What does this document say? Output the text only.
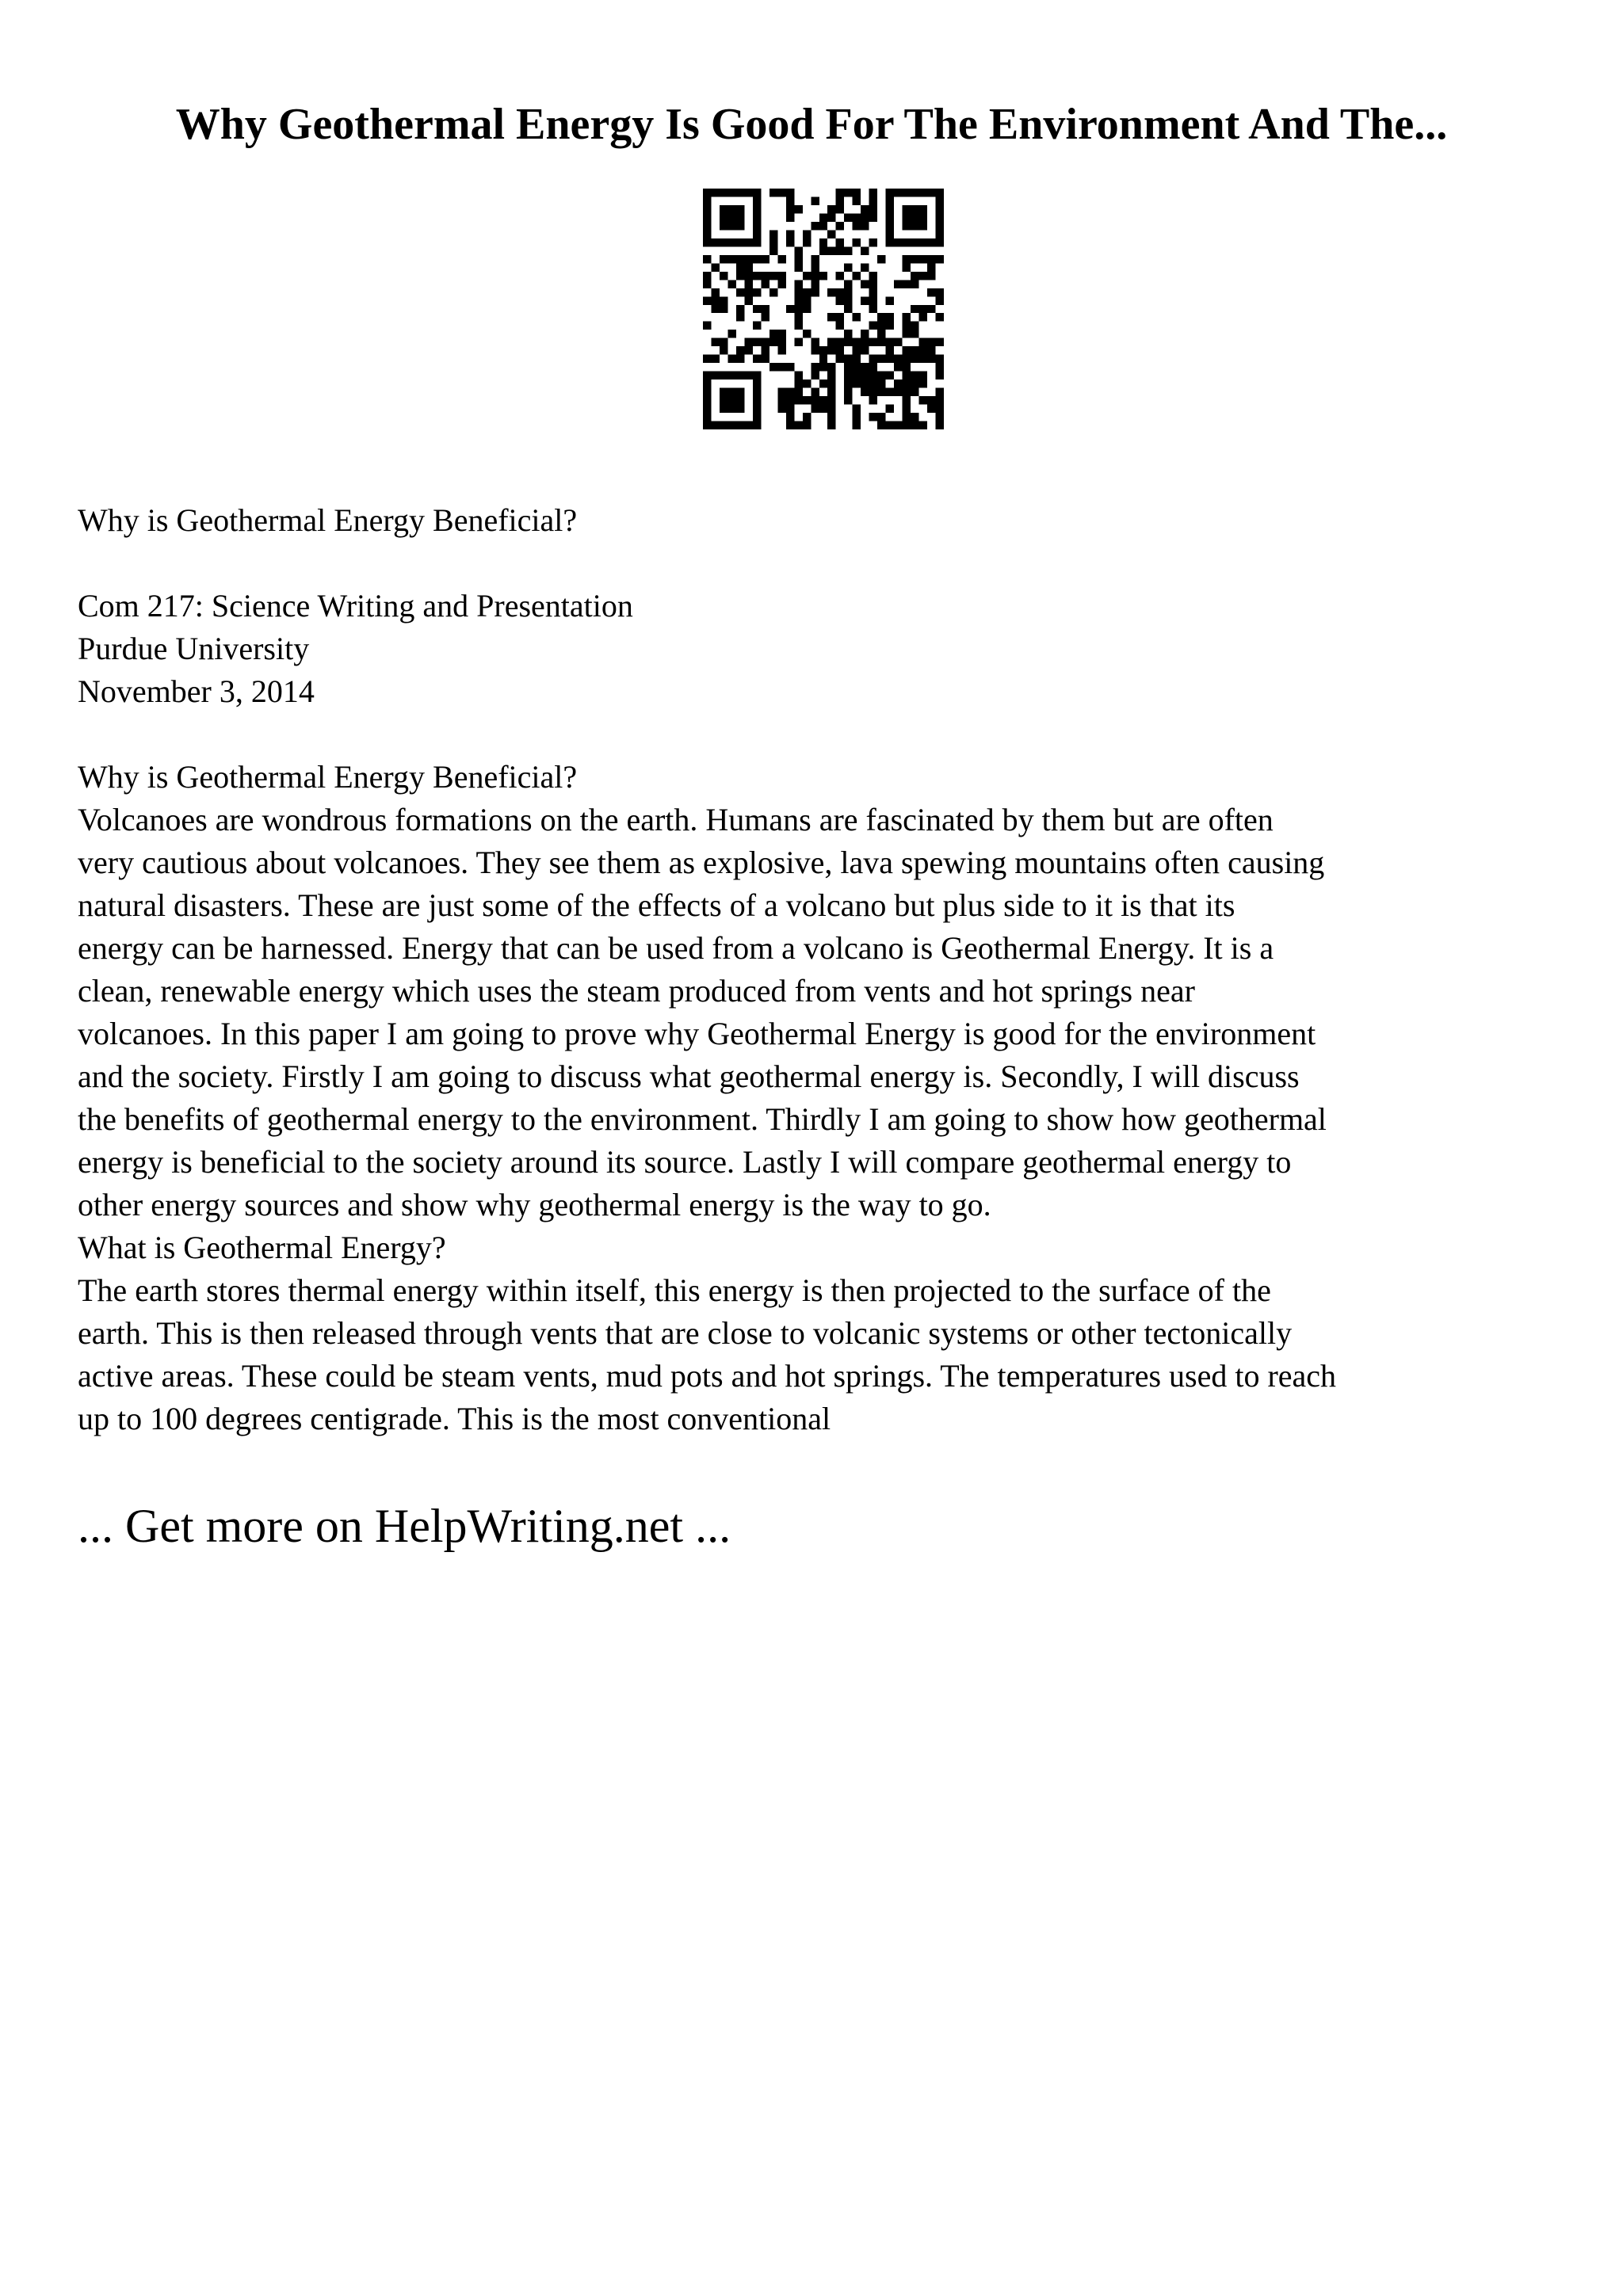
Why Geothermal Energy Is Good For The Environment And The...
Why is Geothermal Energy Beneficial?
Com 217: Science Writing and Presentation
Purdue University
November 3, 2014
Why is Geothermal Energy Beneficial?
Volcanoes are wondrous formations on the earth. Humans are fascinated by them but are often
very cautious about volcanoes. They see them as explosive, lava spewing mountains often causing
natural disasters. These are just some of the effects of a volcano but plus side to it is that its
energy can be harnessed. Energy that can be used from a volcano is Geothermal Energy. It is a
clean, renewable energy which uses the steam produced from vents and hot springs near
volcanoes. In this paper I am going to prove why Geothermal Energy is good for the environment
and the society. Firstly I am going to discuss what geothermal energy is. Secondly, I will discuss
the benefits of geothermal energy to the environment. Thirdly I am going to show how geothermal
energy is beneficial to the society around its source. Lastly I will compare geothermal energy to
other energy sources and show why geothermal energy is the way to go.
What is Geothermal Energy?
The earth stores thermal energy within itself, this energy is then projected to the surface of the
earth. This is then released through vents that are close to volcanic systems or other tectonically
active areas. These could be steam vents, mud pots and hot springs. The temperatures used to reach
up to 100 degrees centigrade. This is the most conventional
... Get more on HelpWriting.net ...
